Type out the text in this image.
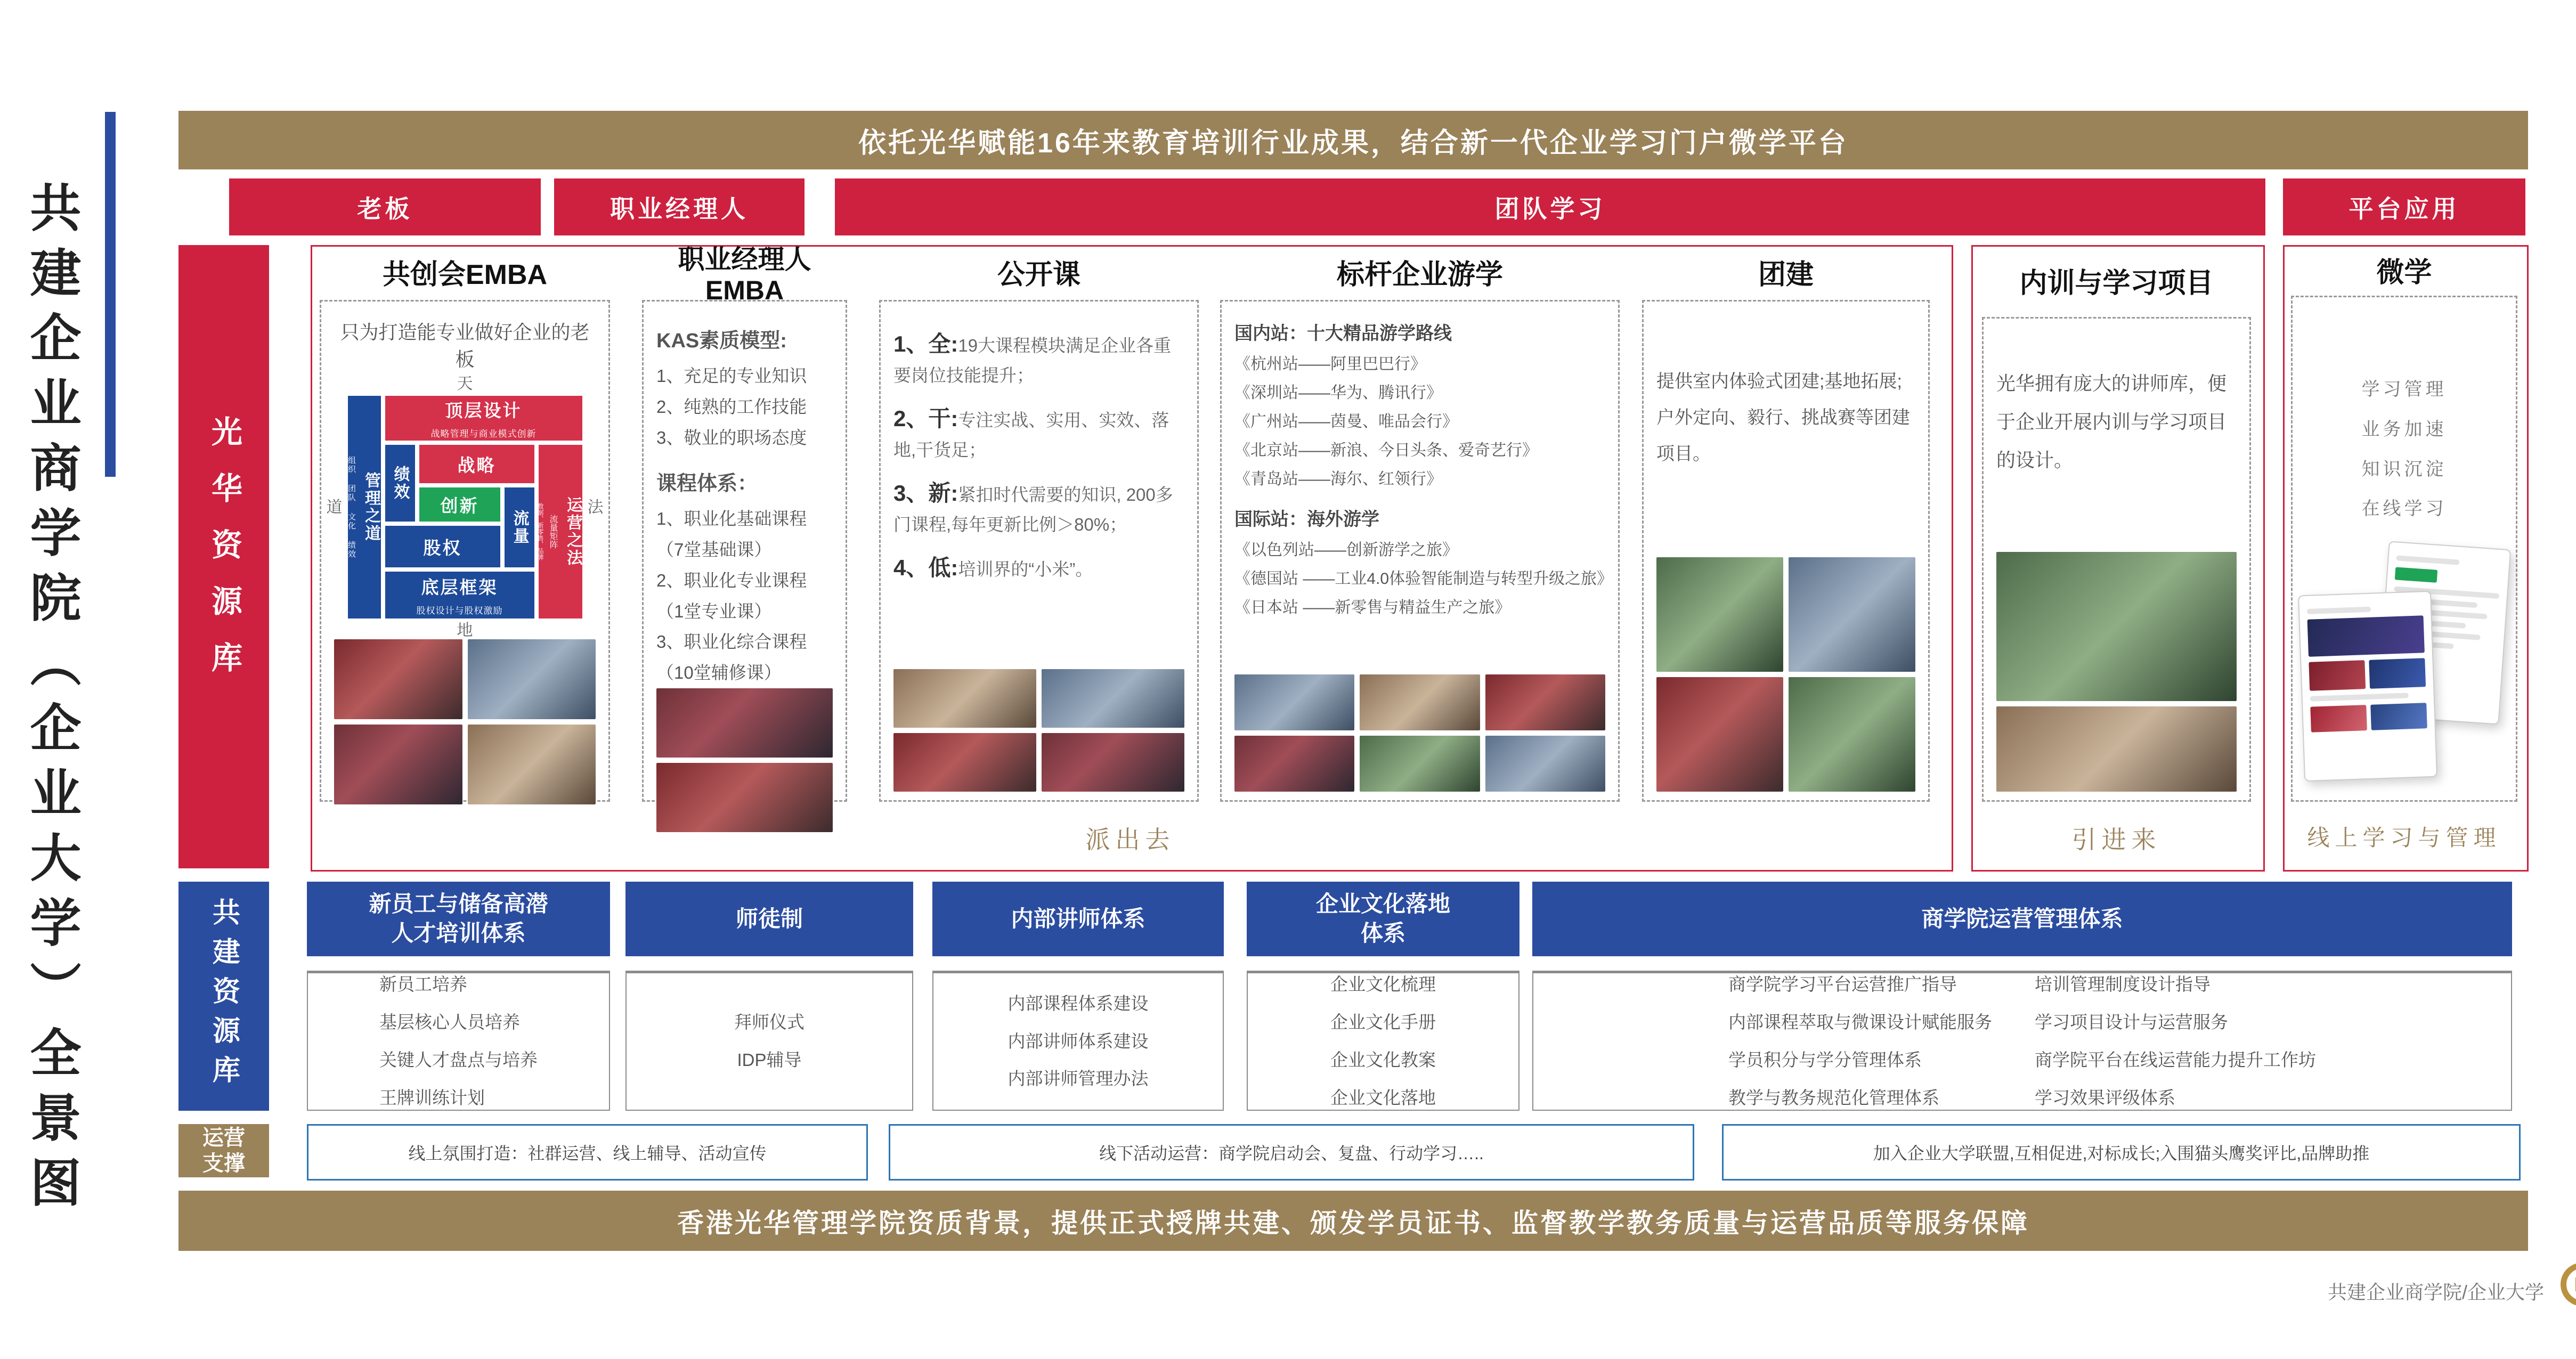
共建企业商学院（企业大学）全景图
依托光华赋能16年来教育培训行业成果，结合新一代企业学习门户微学平台
老板	职业经理人	团队学习	平台应用
光华资源库
共创会EMBA
只为打造能专业做好企业的老板
天
道 组织 团队 文化 绩效 管理之道
顶层设计
战略管理与商业模式创新
绩效	战略
创新
流量
股权	数据、新零售、品牌 流量矩阵 运营之法
底层框架
股权设计与股权激励
法
地
职业经理人EMBA
KAS素质模型:
1、充足的专业知识
2、纯熟的工作技能
3、敬业的职场态度
课程体系：
1、职业化基础课程
（7堂基础课）
2、职业化专业课程
（1堂专业课）
3、职业化综合课程
（10堂辅修课）
公开课
1、全:19大课程模块满足企业各重要岗位技能提升；
2、干:专注实战、实用、实效、落地,干货足；
3、新:紧扣时代需要的知识, 200多门课程,每年更新比例＞80%；
4、低:培训界的“小米”。
标杆企业游学
国内站：十大精品游学路线
《杭州站——阿里巴巴行》
《深圳站——华为、腾讯行》
《广州站——茵曼、唯品会行》
《北京站——新浪、今日头条、爱奇艺行》
《青岛站——海尔、红领行》
国际站：海外游学
《以色列站——创新游学之旅》
《德国站 ——工业4.0体验智能制造与转型升级之旅》
《日本站 ——新零售与精益生产之旅》
团建
提供室内体验式团建;基地拓展;户外定向、毅行、挑战赛等团建项目。
派出去
内训与学习项目
光华拥有庞大的讲师库，便于企业开展内训与学习项目的设计。
引进来
微学
学习管理
业务加速
知识沉淀
在线学习
线上学习与管理
共建资源库	新员工与储备高潜
人才培训体系
师徒制	内部讲师体系
企业文化落地
体系
商学院运营管理体系
新员工培养
基层核心人员培养
关键人才盘点与培养
王牌训练计划
拜师仪式
IDP辅导
内部课程体系建设
内部讲师体系建设
内部讲师管理办法
企业文化梳理
企业文化手册
企业文化教案
企业文化落地
商学院学习平台运营推广指导
内部课程萃取与微课设计赋能服务
学员积分与学分管理体系
教学与教务规范化管理体系
培训管理制度设计指导
学习项目设计与运营服务
商学院平台在线运营能力提升工作坊
学习效果评级体系
运营支撑	线上氛围打造：社群运营、线上辅导、活动宣传	线下活动运营：商学院启动会、复盘、行动学习…..	加入企业大学联盟,互相促进,对标成长;入围猫头鹰奖评比,品牌助推
香港光华管理学院资质背景，提供正式授牌共建、颁发学员证书、监督教学教务质量与运营品质等服务保障
共建企业商学院/企业大学
